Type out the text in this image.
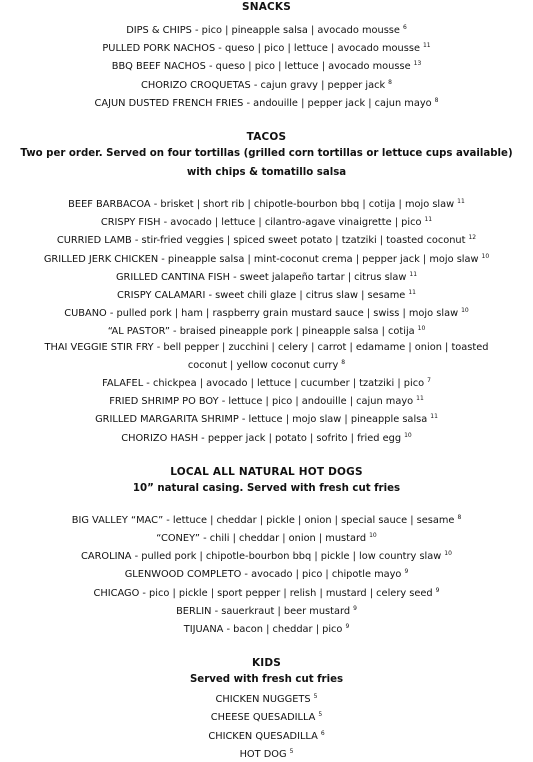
SNACKS
DIPS & CHIPS - pico | pineapple salsa | avocado mousse $^6$
PULLED PORK NACHOS - queso | pico | lettuce | avocado mousse $^{11}$
BBQ BEEF NACHOS - queso | pico | lettuce | avocado mousse $^{13}$
CHORIZO CROQUETAS - cajun gravy | pepper jack $^8$
CAJUN DUSTED FRENCH FRIES - andouille | pepper jack | cajun mayo $^8$
TACOS
Two per order. Served on four tortillas (grilled corn tortillas or lettuce cups available)
with chips & tomatillo salsa
BEEF BARBACOA - brisket | short rib | chipotle-bourbon bbq | cotija | mojo slaw $^{11}$
CRISPY FISH - avocado | lettuce | cilantro-agave vinaigrette | pico $^{11}$
CURRIED LAMB - stir-fried veggies | spiced sweet potato | tzatziki | toasted coconut $^{12}$
GRILLED JERK CHICKEN - pineapple salsa | mint-coconut crema | pepper jack | mojo slaw $^{10}$
GRILLED CANTINA FISH - sweet jalapeño tartar | citrus slaw $^{11}$
CRISPY CALAMARI - sweet chili glaze | citrus slaw | sesame $^{11}$
CUBANO - pulled pork | ham | raspberry grain mustard sauce | swiss | mojo slaw $^{10}$
“AL PASTOR” - braised pineapple pork | pineapple salsa | cotija $^{10}$
THAI VEGGIE STIR FRY - bell pepper | zucchini | celery | carrot | edamame | onion | toasted coconut | yellow coconut curry $^8$
FALAFEL - chickpea | avocado | lettuce | cucumber | tzatziki | pico $^7$
FRIED SHRIMP PO BOY - lettuce | pico | andouille | cajun mayo $^{11}$
GRILLED MARGARITA SHRIMP - lettuce | mojo slaw | pineapple salsa $^{11}$
CHORIZO HASH - pepper jack | potato | sofrito | fried egg $^{10}$
LOCAL ALL NATURAL HOT DOGS
10” natural casing. Served with fresh cut fries
BIG VALLEY “MAC” - lettuce | cheddar | pickle | onion | special sauce | sesame $^8$
“CONEY” - chili | cheddar | onion | mustard $^{10}$
CAROLINA - pulled pork | chipotle-bourbon bbq | pickle | low country slaw $^{10}$
GLENWOOD COMPLETO - avocado | pico | chipotle mayo $^9$
CHICAGO - pico | pickle | sport pepper | relish | mustard | celery seed $^9$
BERLIN - sauerkraut | beer mustard $^9$
TIJUANA - bacon | cheddar | pico $^9$
KIDS
Served with fresh cut fries
CHICKEN NUGGETS $^5$
CHEESE QUESADILLA $^5$
CHICKEN QUESADILLA $^6$
HOT DOG $^5$
